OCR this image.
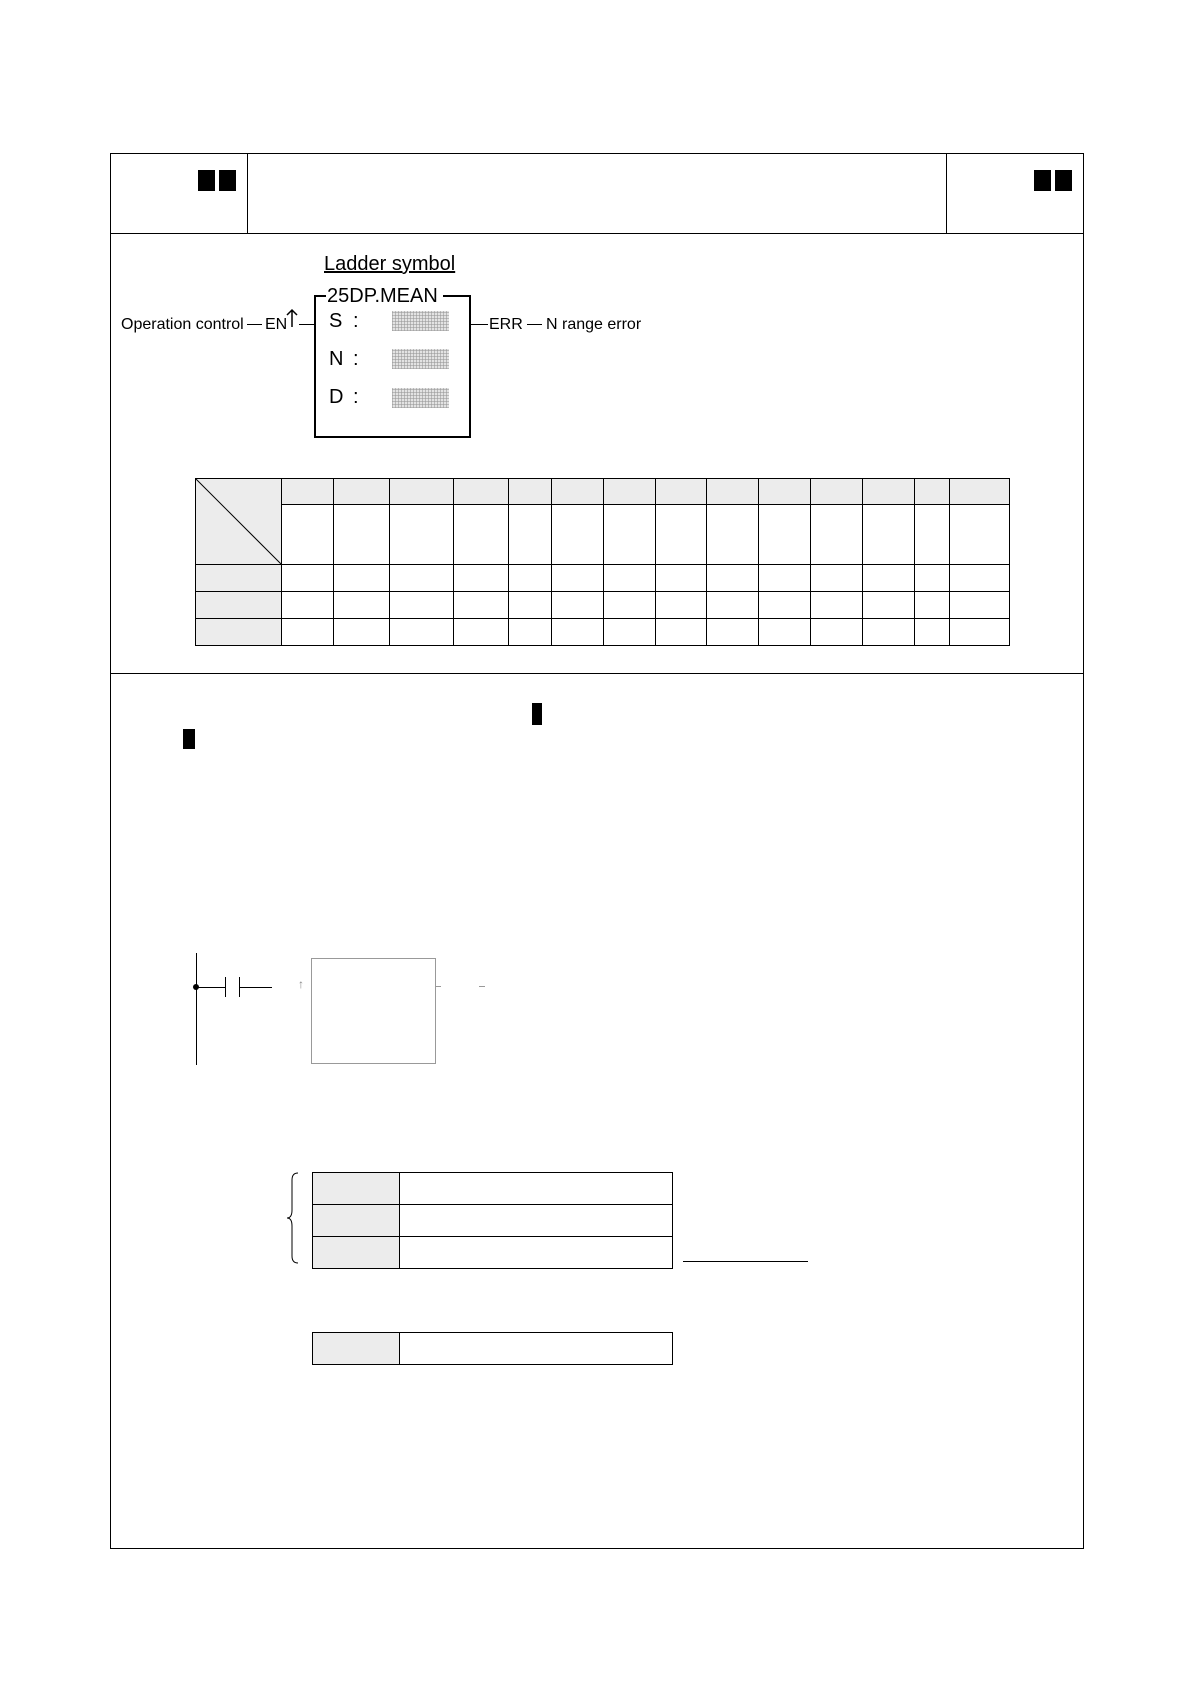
Ladder symbol
25DP.MEAN
S :
N :
D :
Operation control EN	ERR N range error

↑
